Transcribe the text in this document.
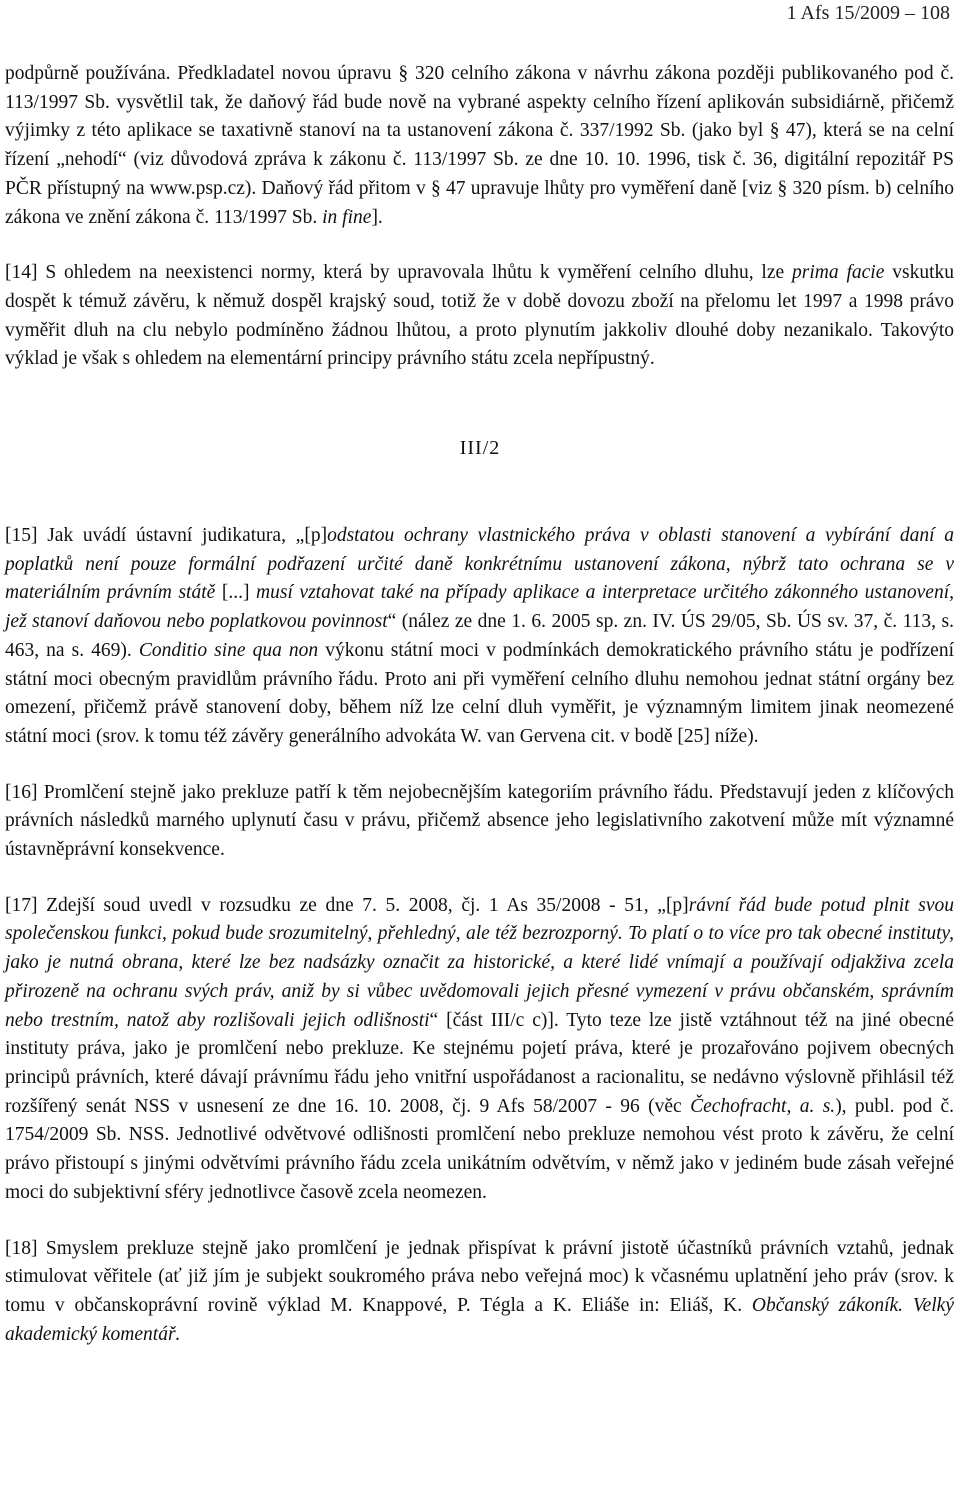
1 Afs 15/2009 – 108
podpůrně používána. Předkladatel novou úpravu § 320 celního zákona v návrhu zákona později publikovaného pod č. 113/1997 Sb. vysvětlil tak, že daňový řád bude nově na vybrané aspekty celního řízení aplikován subsidiárně, přičemž výjimky z této aplikace se taxativně stanoví na ta ustanovení zákona č. 337/1992 Sb. (jako byl § 47), která se na celní řízení „nehodí“ (viz důvodová zpráva k zákonu č. 113/1997 Sb. ze dne 10. 10. 1996, tisk č. 36, digitální repozitář PS PČR přístupný na www.psp.cz). Daňový řád přitom v § 47 upravuje lhůty pro vyměření daně [viz § 320 písm. b) celního zákona ve znění zákona č. 113/1997 Sb. in fine].
[14] S ohledem na neexistenci normy, která by upravovala lhůtu k vyměření celního dluhu, lze prima facie vskutku dospět k témuž závěru, k němuž dospěl krajský soud, totiž že v době dovozu zboží na přelomu let 1997 a 1998 právo vyměřit dluh na clu nebylo podmíněno žádnou lhůtou, a proto plynutím jakkoliv dlouhé doby nezanikalo. Takovýto výklad je však s ohledem na elementární principy právního státu zcela nepřípustný.
III/2
[15] Jak uvádí ústavní judikatura, „[p]odstatou ochrany vlastnického práva v oblasti stanovení a vybírání daní a poplatků není pouze formální podřazení určité daně konkrétnímu ustanovení zákona, nýbrž tato ochrana se v materiálním právním státě [...] musí vztahovat také na případy aplikace a interpretace určitého zákonného ustanovení, jež stanoví daňovou nebo poplatkovou povinnost“ (nález ze dne 1. 6. 2005 sp. zn. IV. ÚS 29/05, Sb. ÚS sv. 37, č. 113, s. 463, na s. 469). Conditio sine qua non výkonu státní moci v podmínkách demokratického právního státu je podřízení státní moci obecným pravidlům právního řádu. Proto ani při vyměření celního dluhu nemohou jednat státní orgány bez omezení, přičemž právě stanovení doby, během níž lze celní dluh vyměřit, je významným limitem jinak neomezené státní moci (srov. k tomu též závěry generálního advokáta W. van Gervena cit. v bodě [25] níže).
[16] Promlčení stejně jako prekluze patří k těm nejobecnějším kategoriím právního řádu. Představují jeden z klíčových právních následků marného uplynutí času v právu, přičemž absence jeho legislativního zakotvení může mít významné ústavněprávní konsekvence.
[17] Zdejší soud uvedl v rozsudku ze dne 7. 5. 2008, čj. 1 As 35/2008 - 51, „[p]rávní řád bude potud plnit svou společenskou funkci, pokud bude srozumitelný, přehledný, ale též bezrozporný. To platí o to více pro tak obecné instituty, jako je nutná obrana, které lze bez nadsázky označit za historické, a které lidé vnímají a používají odjakživa zcela přirozeně na ochranu svých práv, aniž by si vůbec uvědomovali jejich přesné vymezení v právu občanském, správním nebo trestním, natož aby rozlišovali jejich odlišnosti“ [část III/c c)]. Tyto teze lze jistě vztáhnout též na jiné obecné instituty práva, jako je promlčení nebo prekluze. Ke stejnému pojetí práva, které je prozařováno pojivem obecných principů právních, které dávají právnímu řádu jeho vnitřní uspořádanost a racionalitu, se nedávno výslovně přihlásil též rozšířený senát NSS v usnesení ze dne 16. 10. 2008, čj. 9 Afs 58/2007 - 96 (věc Čechofracht, a. s.), publ. pod č. 1754/2009 Sb. NSS. Jednotlivé odvětvové odlišnosti promlčení nebo prekluze nemohou vést proto k závěru, že celní právo přistoupí s jinými odvětvími právního řádu zcela unikátním odvětvím, v němž jako v jediném bude zásah veřejné moci do subjektivní sféry jednotlivce časově zcela neomezen.
[18] Smyslem prekluze stejně jako promlčení je jednak přispívat k právní jistotě účastníků právních vztahů, jednak stimulovat věřitele (ať již jím je subjekt soukromého práva nebo veřejná moc) k včasnému uplatnění jeho práv (srov. k tomu v občanskoprávní rovině výklad M. Knappové, P. Tégla a K. Eliáše in: Eliáš, K. Občanský zákoník. Velký akademický komentář.
